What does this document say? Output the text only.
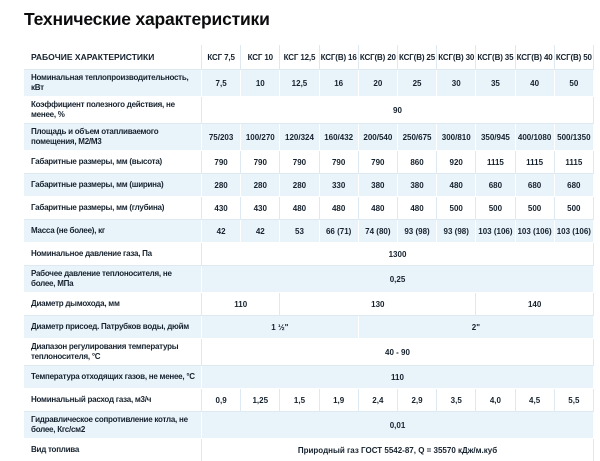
Технические характеристики
РАБОЧИЕ ХАРАКТЕРИСТИКИ	КСГ 7,5	КСГ 10	КСГ 12,5	КСГ(В) 16	КСГ(В) 20	КСГ(В) 25	КСГ(В) 30	КСГ(В) 35	КСГ(В) 40	КСГ(В) 50
Номинальная теплопроизводительность, кВт	7,5	10	12,5	16	20	25	30	35	40	50
Коэффициент полезного действия, не менее, %	90									
Площадь и объем отапливаемого помещения, М2/М3	75/203	100/270	120/324	160/432	200/540	250/675	300/810	350/945	400/1080	500/1350
Габаритные размеры, мм (высота)	790	790	790	790	790	860	920	1115	1115	1115
Габаритные размеры, мм (ширина)	280	280	280	330	380	380	480	680	680	680
Габаритные размеры, мм (глубина)	430	430	480	480	480	480	500	500	500	500
Масса (не более), кг	42	42	53	66 (71)	74 (80)	93 (98)	93 (98)	103 (106)	103 (106)	103 (106)
Номинальное давление газа, Па	1300									
Рабочее давление теплоносителя, не более, МПа	0,25									
Диаметр дымохода, мм	110		130					140		
Диаметр присоед. Патрубков воды, дюйм	1 ½"				2"					
Диапазон регулирования температуры теплоносителя, °С	40 - 90									
Температура отходящих газов, не менее, °С	110									
Номинальный расход газа, м3/ч	0,9	1,25	1,5	1,9	2,4	2,9	3,5	4,0	4,5	5,5
Гидравлическое сопротивление котла, не более, Кгс/см2	0,01									
Вид топлива	Природный газ ГОСТ 5542-87, Q = 35570 кДж/м.куб									
